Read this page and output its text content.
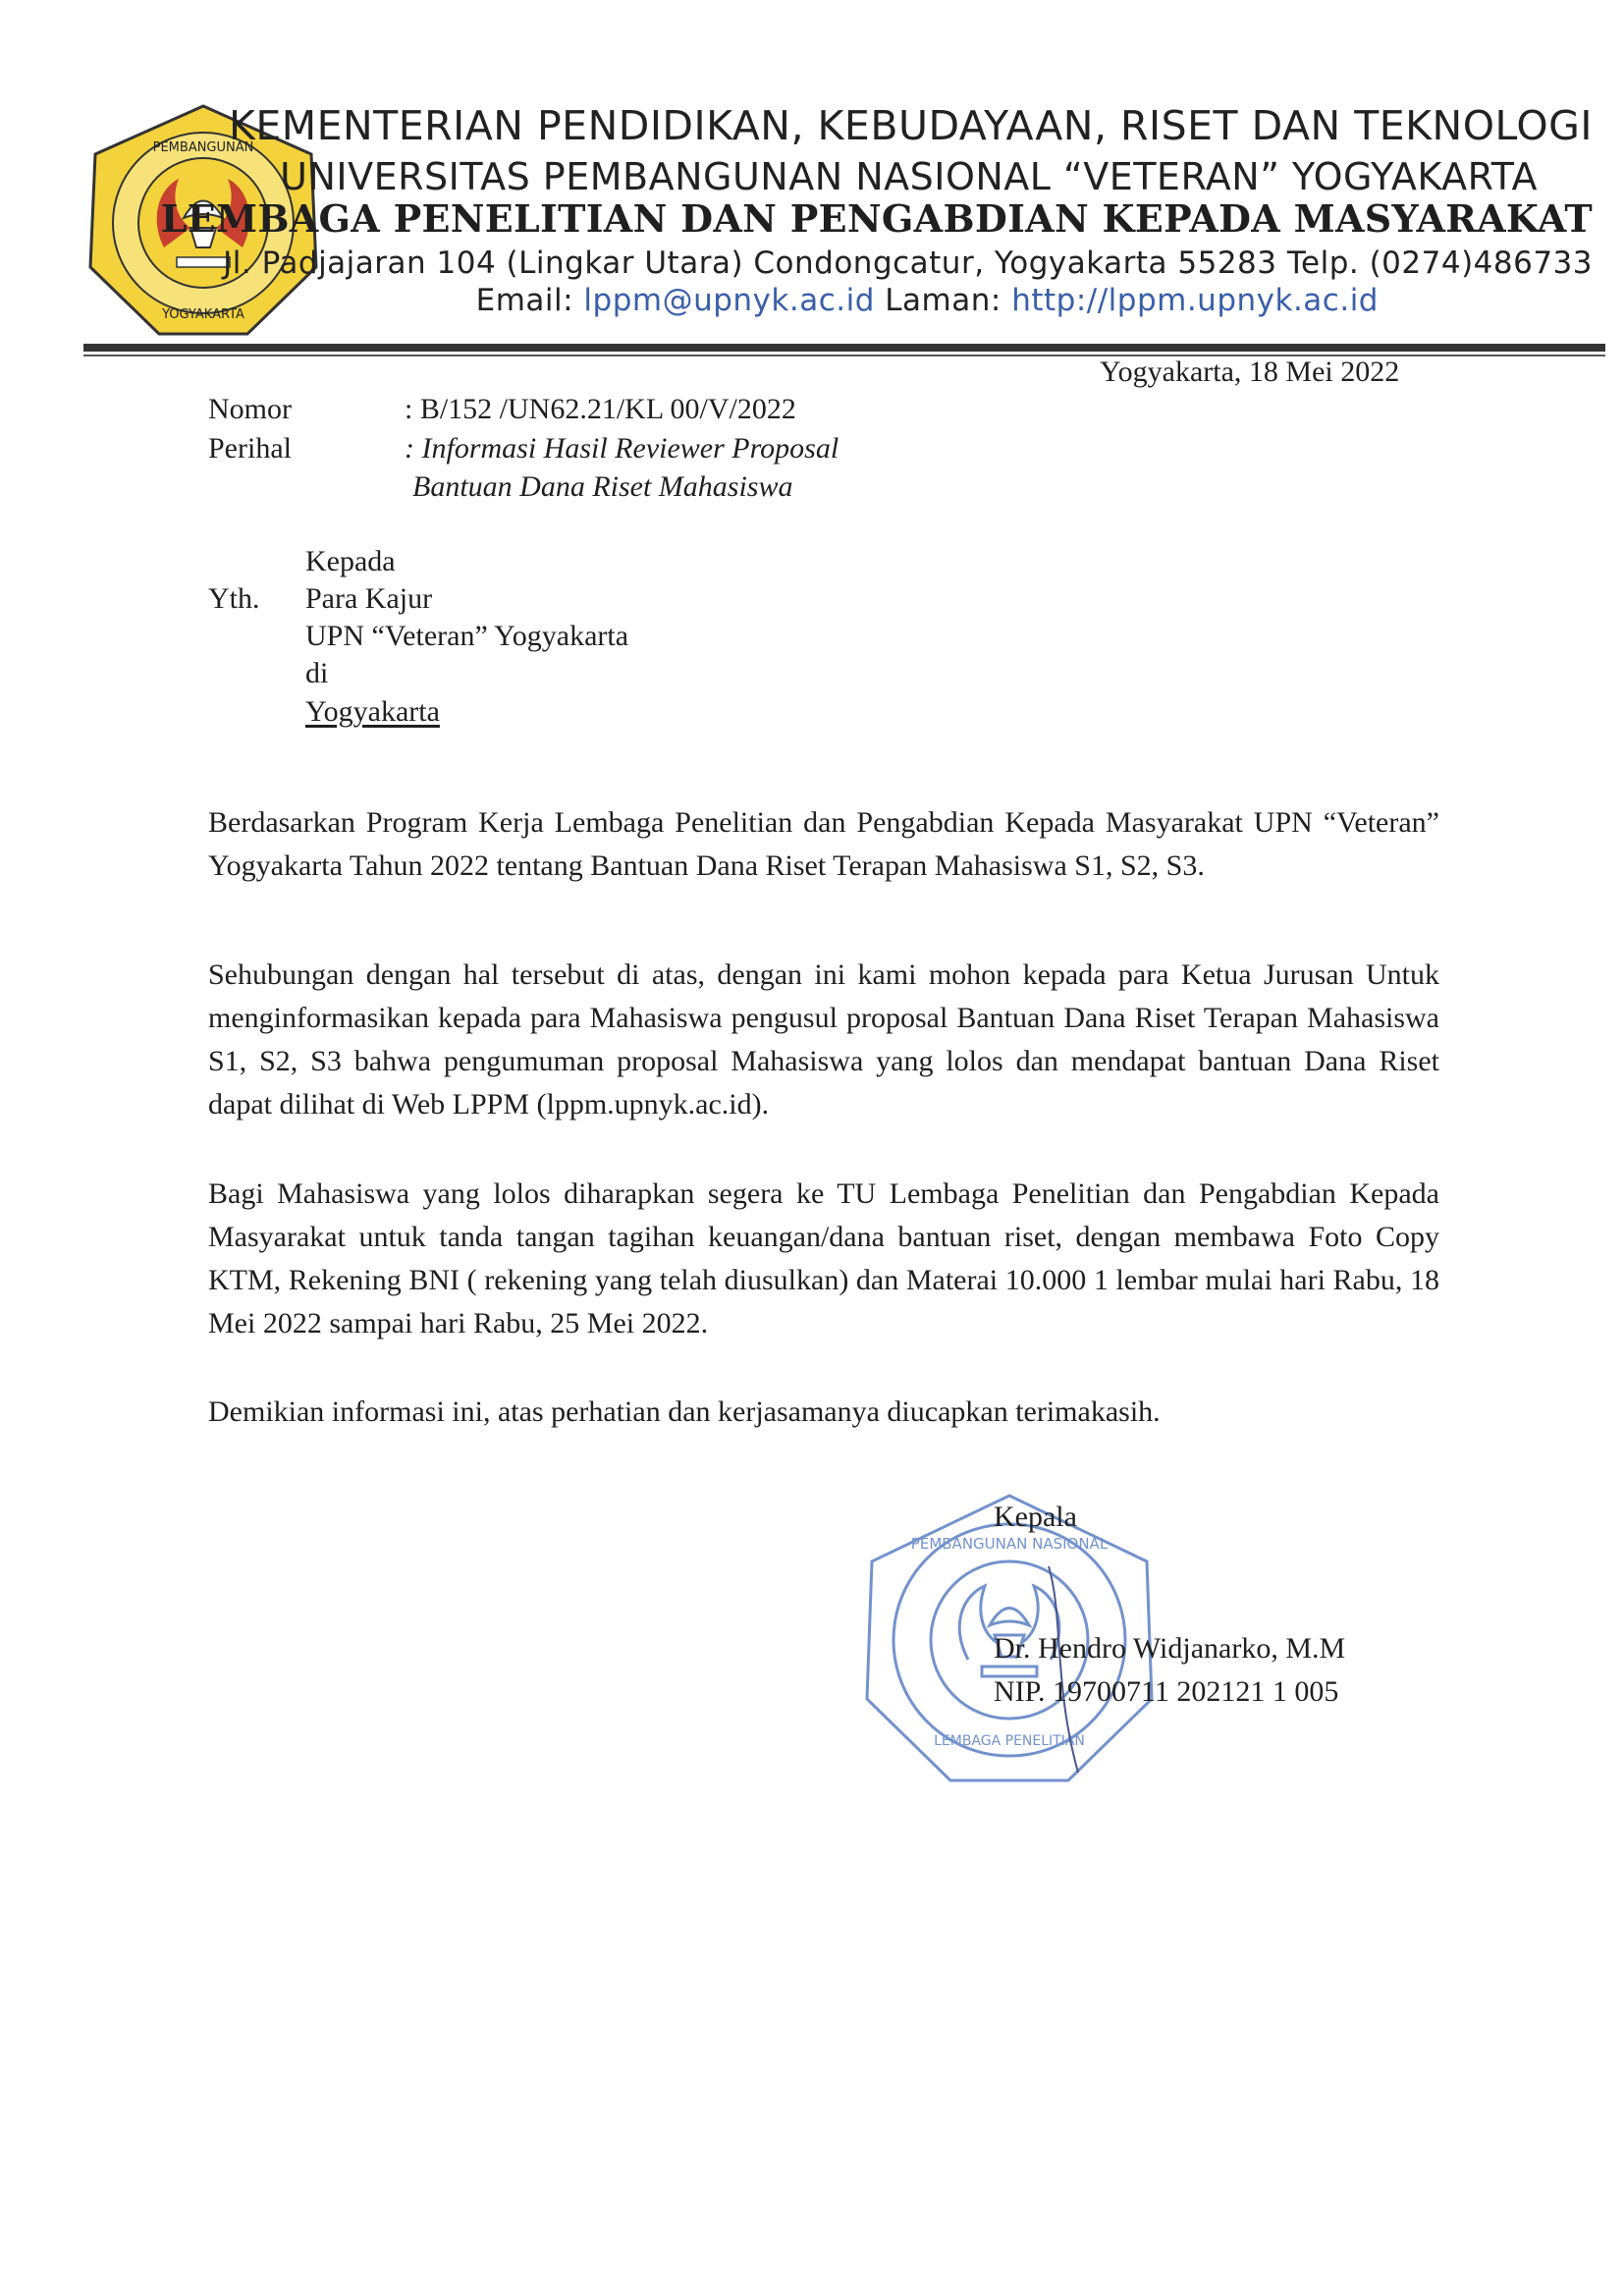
PEMBANGUNAN
YOGYAKARTA
KEMENTERIAN PENDIDIKAN, KEBUDAYAAN, RISET DAN TEKNOLOGI
UNIVERSITAS PEMBANGUNAN NASIONAL “VETERAN” YOGYAKARTA
LEMBAGA PENELITIAN DAN PENGABDIAN KEPADA MASYARAKAT
Jl. Padjajaran 104 (Lingkar Utara) Condongcatur, Yogyakarta 55283 Telp. (0274)486733
Email: lppm@upnyk.ac.id Laman: http://lppm.upnyk.ac.id
Yogyakarta, 18 Mei 2022
Nomor	: B/152 /UN62.21/KL 00/V/2022
Perihal	: Informasi Hasil Reviewer Proposal
Bantuan Dana Riset Mahasiswa
Yth.
Kepada
Para Kajur
UPN “Veteran” Yogyakarta
di
Yogyakarta
Berdasarkan Program Kerja Lembaga Penelitian dan Pengabdian Kepada Masyarakat UPN “Veteran” Yogyakarta Tahun 2022 tentang Bantuan Dana Riset Terapan Mahasiswa S1, S2, S3.
Sehubungan dengan hal tersebut di atas, dengan ini kami mohon kepada para Ketua Jurusan Untuk menginformasikan kepada para Mahasiswa pengusul proposal Bantuan Dana Riset Terapan Mahasiswa S1, S2, S3 bahwa pengumuman proposal Mahasiswa yang lolos dan mendapat bantuan Dana Riset dapat dilihat di Web LPPM (lppm.upnyk.ac.id).
Bagi Mahasiswa yang lolos diharapkan segera ke TU Lembaga Penelitian dan Pengabdian Kepada Masyarakat untuk tanda tangan tagihan keuangan/dana bantuan riset, dengan membawa Foto Copy KTM, Rekening BNI ( rekening yang telah diusulkan) dan Materai 10.000 1 lembar mulai hari Rabu, 18 Mei 2022 sampai hari Rabu, 25 Mei 2022.
Demikian informasi ini, atas perhatian dan kerjasamanya diucapkan terimakasih.
PEMBANGUNAN NASIONAL
LEMBAGA PENELITIAN
Kepala
Dr. Hendro Widjanarko, M.M
NIP. 19700711 202121 1 005
